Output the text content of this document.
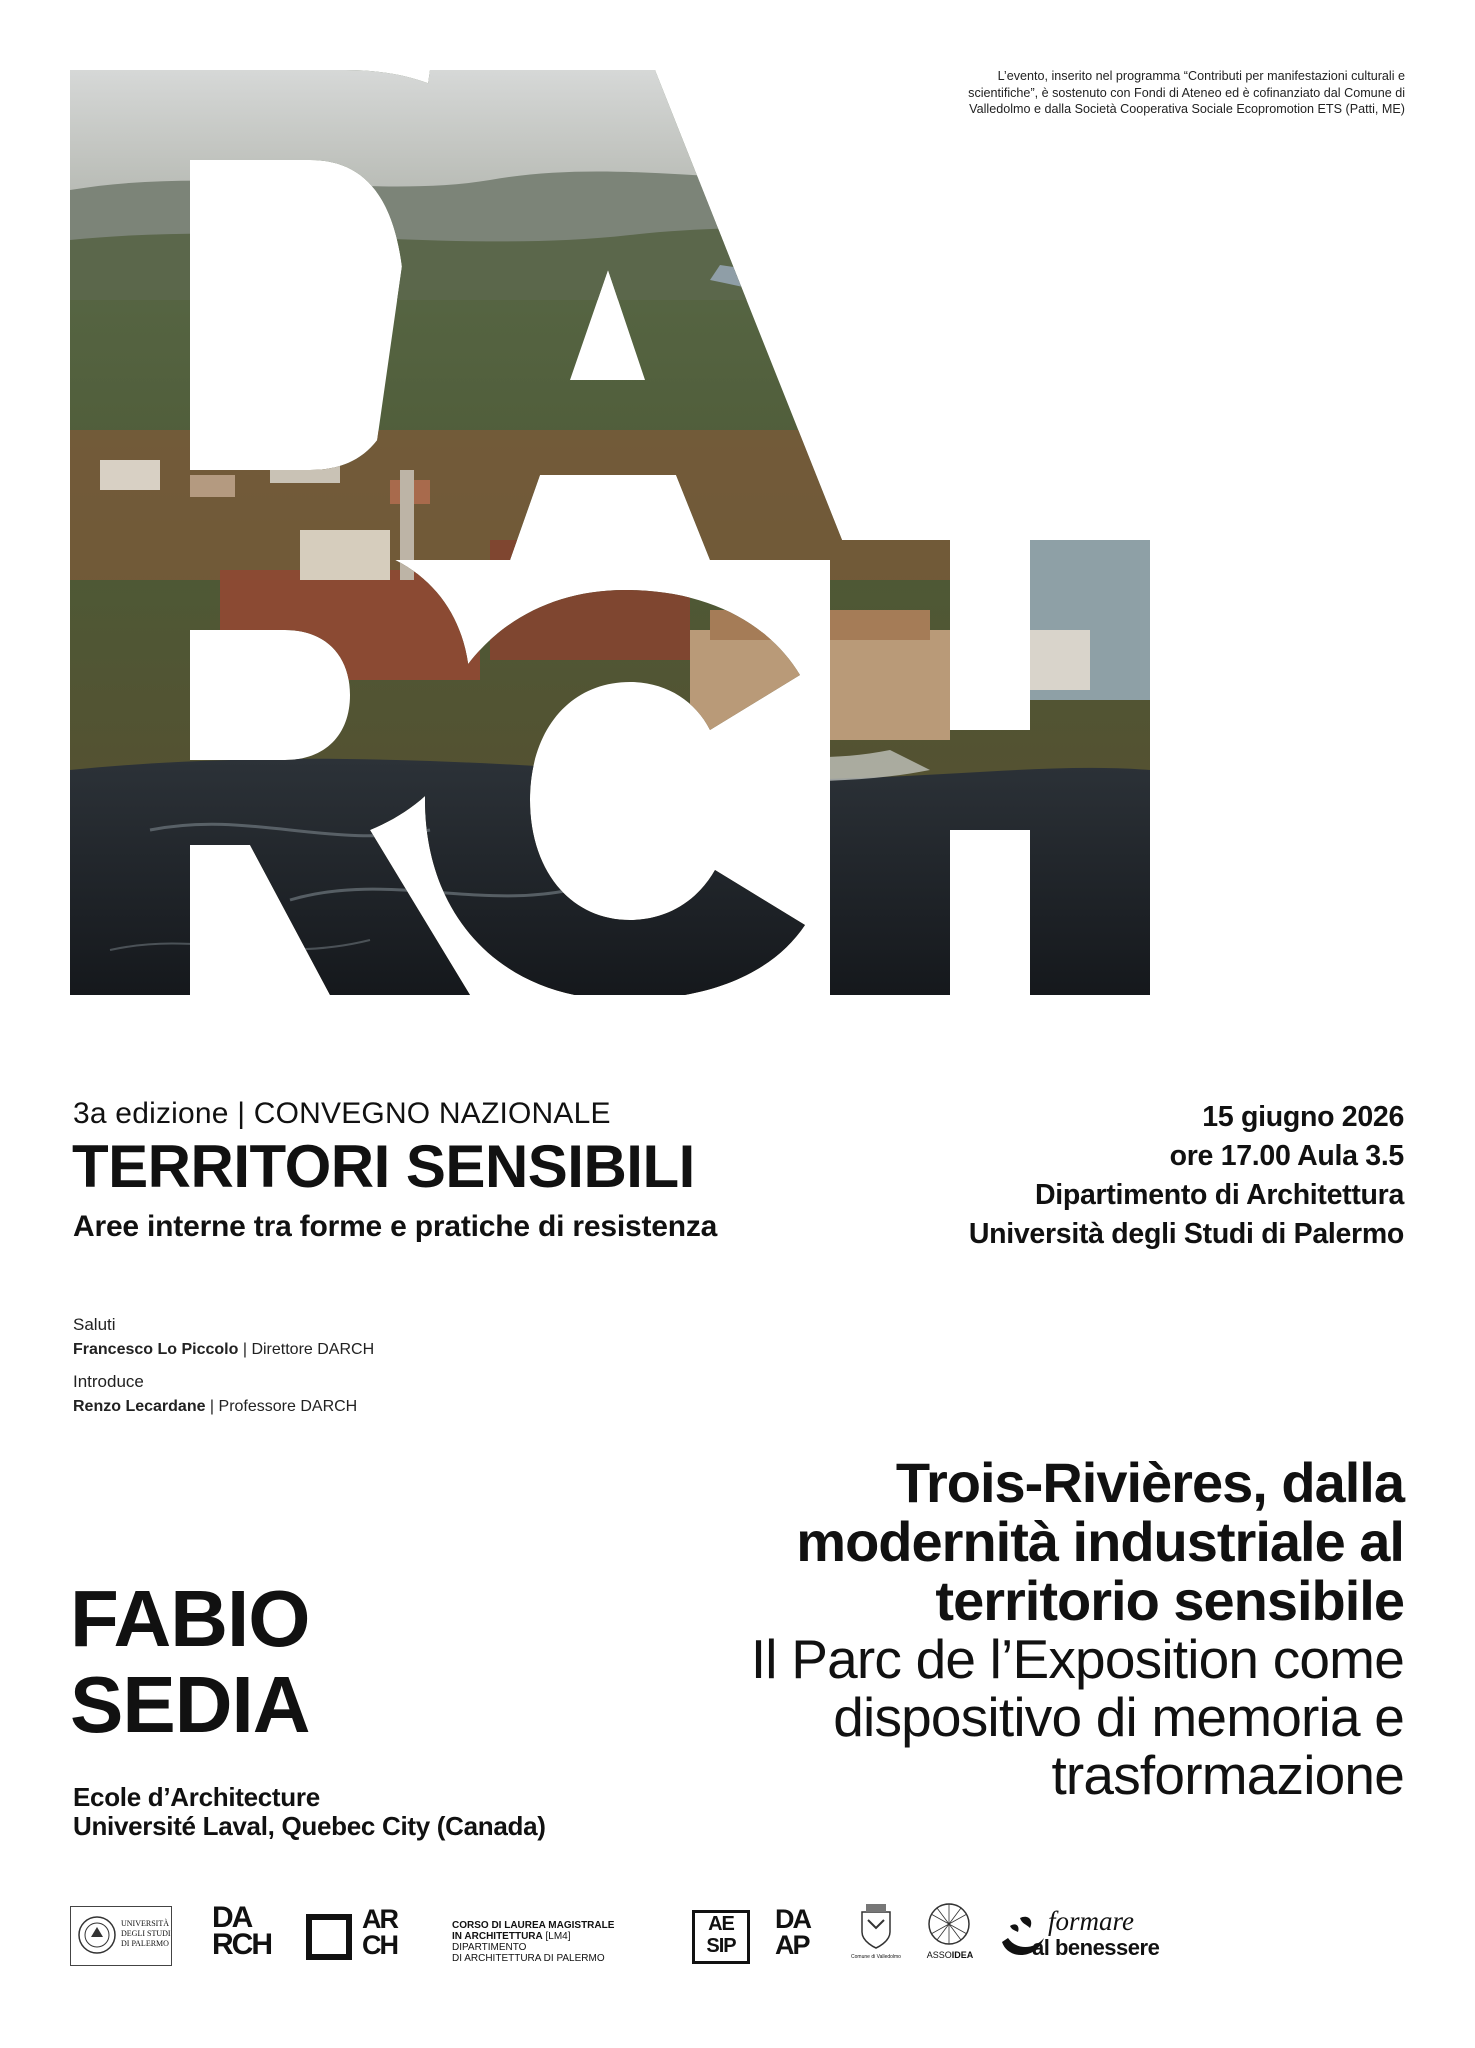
L’evento, inserito nel programma “Contributi per manifestazioni culturali e scientifiche”, è sostenuto con Fondi di Ateneo ed è cofinanziato dal Comune di Valledolmo e dalla Società Cooperativa Sociale Ecopromotion ETS (Patti, ME)
3a edizione | CONVEGNO NAZIONALE
TERRITORI SENSIBILI
Aree interne tra forme e pratiche di resistenza
15 giugno 2026
ore 17.00 Aula 3.5
Dipartimento di Architettura
Università degli Studi di Palermo
Saluti
Francesco Lo Piccolo | Direttore DARCH
Introduce
Renzo Lecardane | Professore DARCH
FABIO
SEDIA
Ecole d’Architecture
Université Laval, Quebec City (Canada)
Trois-Rivières, dalla
modernità industriale al
territorio sensibile
Il Parc de l’Exposition come
dispositivo di memoria e
trasformazione
UNIVERSITÀ
DEGLI STUDI
DI PALERMO
DA
RCH
AR
CH
CORSO DI LAUREA MAGISTRALE
IN ARCHITETTURA [LM4]
DIPARTIMENTO
DI ARCHITETTURA DI PALERMO
AE
SIP
DA
AP	Comune di Valledolmo	ASSOIDEA
formare
al benessere
